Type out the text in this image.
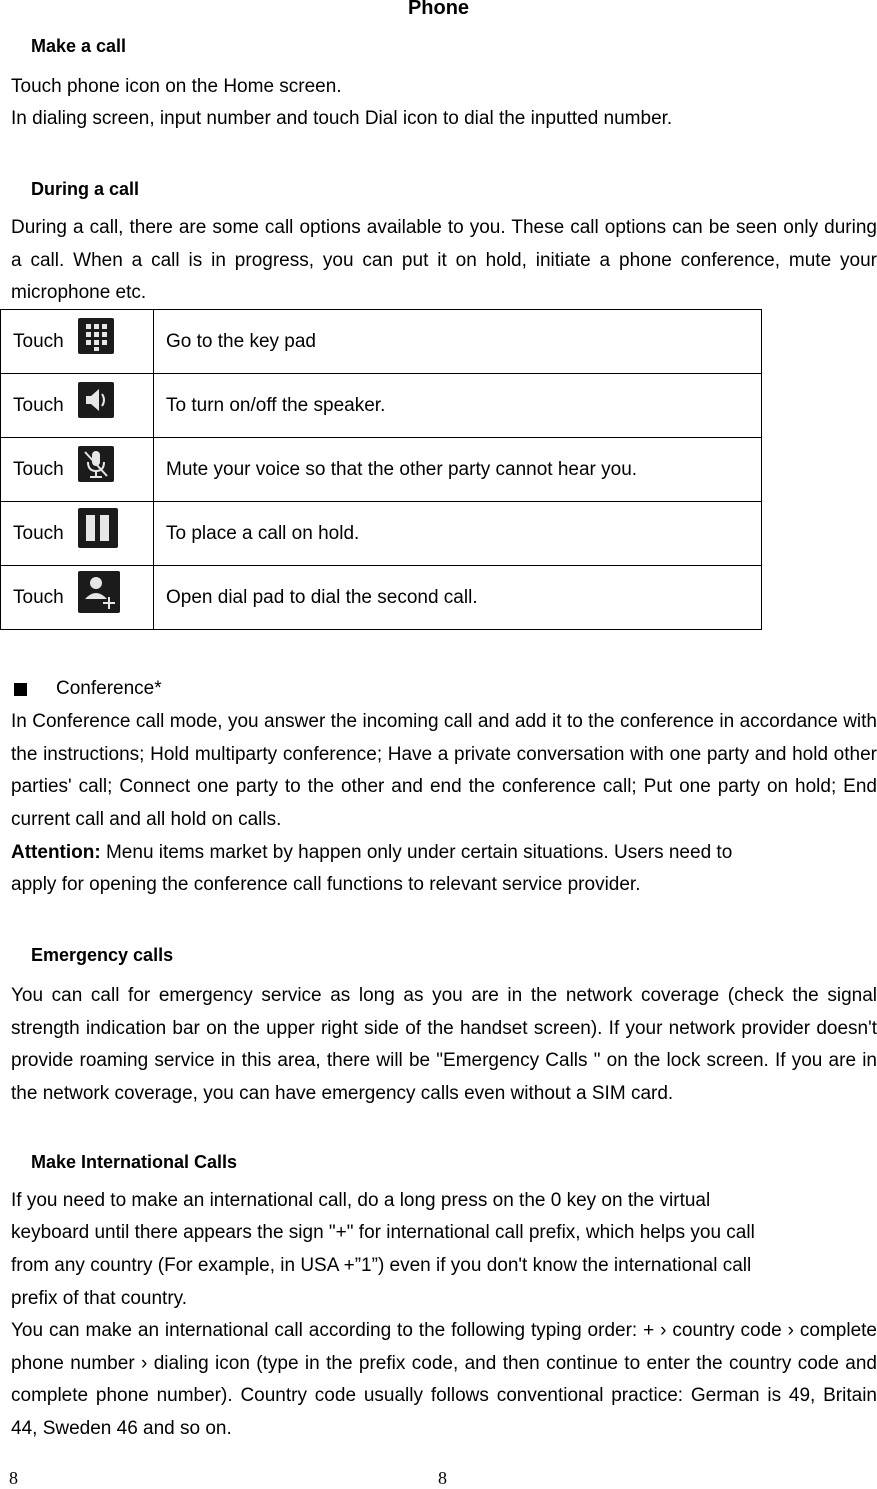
Phone
Make a call
Touch phone icon on the Home screen.
In dialing screen, input number and touch Dial icon to dial the inputted number.
During a call
During a call, there are some call options available to you. These call options can be seen only during a call. When a call is in progress, you can put it on hold, initiate a phone conference, mute your microphone etc.
Touch	Go to the key pad

Touch	To turn on/off the speaker.

Touch	Mute your voice so that the other party cannot hear you.

Touch	To place a call on hold.

Touch	Open dial pad to dial the second call.
Conference*
In Conference call mode, you answer the incoming call and add it to the conference in accordance with the instructions; Hold multiparty conference; Have a private conversation with one party and hold other parties' call; Connect one party to the other and end the conference call; Put one party on hold; End current call and all hold on calls.
Attention: Menu items market by happen only under certain situations. Users need to
apply for opening the conference call functions to relevant service provider.
Emergency calls
You can call for emergency service as long as you are in the network coverage (check the signal strength indication bar on the upper right side of the handset screen). If your network provider doesn't provide roaming service in this area, there will be "Emergency Calls " on the lock screen. If you are in the network coverage, you can have emergency calls even without a SIM card.
Make International Calls
If you need to make an international call, do a long press on the 0 key on the virtual
keyboard until there appears the sign "+" for international call prefix, which helps you call
from any country (For example, in USA +”1”) even if you don't know the international call
prefix of that country.
You can make an international call according to the following typing order: + › country code › complete phone number › dialing icon (type in the prefix code, and then continue to enter the country code and complete phone number). Country code usually follows conventional practice: German is 49, Britain 44, Sweden 46 and so on.
8	8
